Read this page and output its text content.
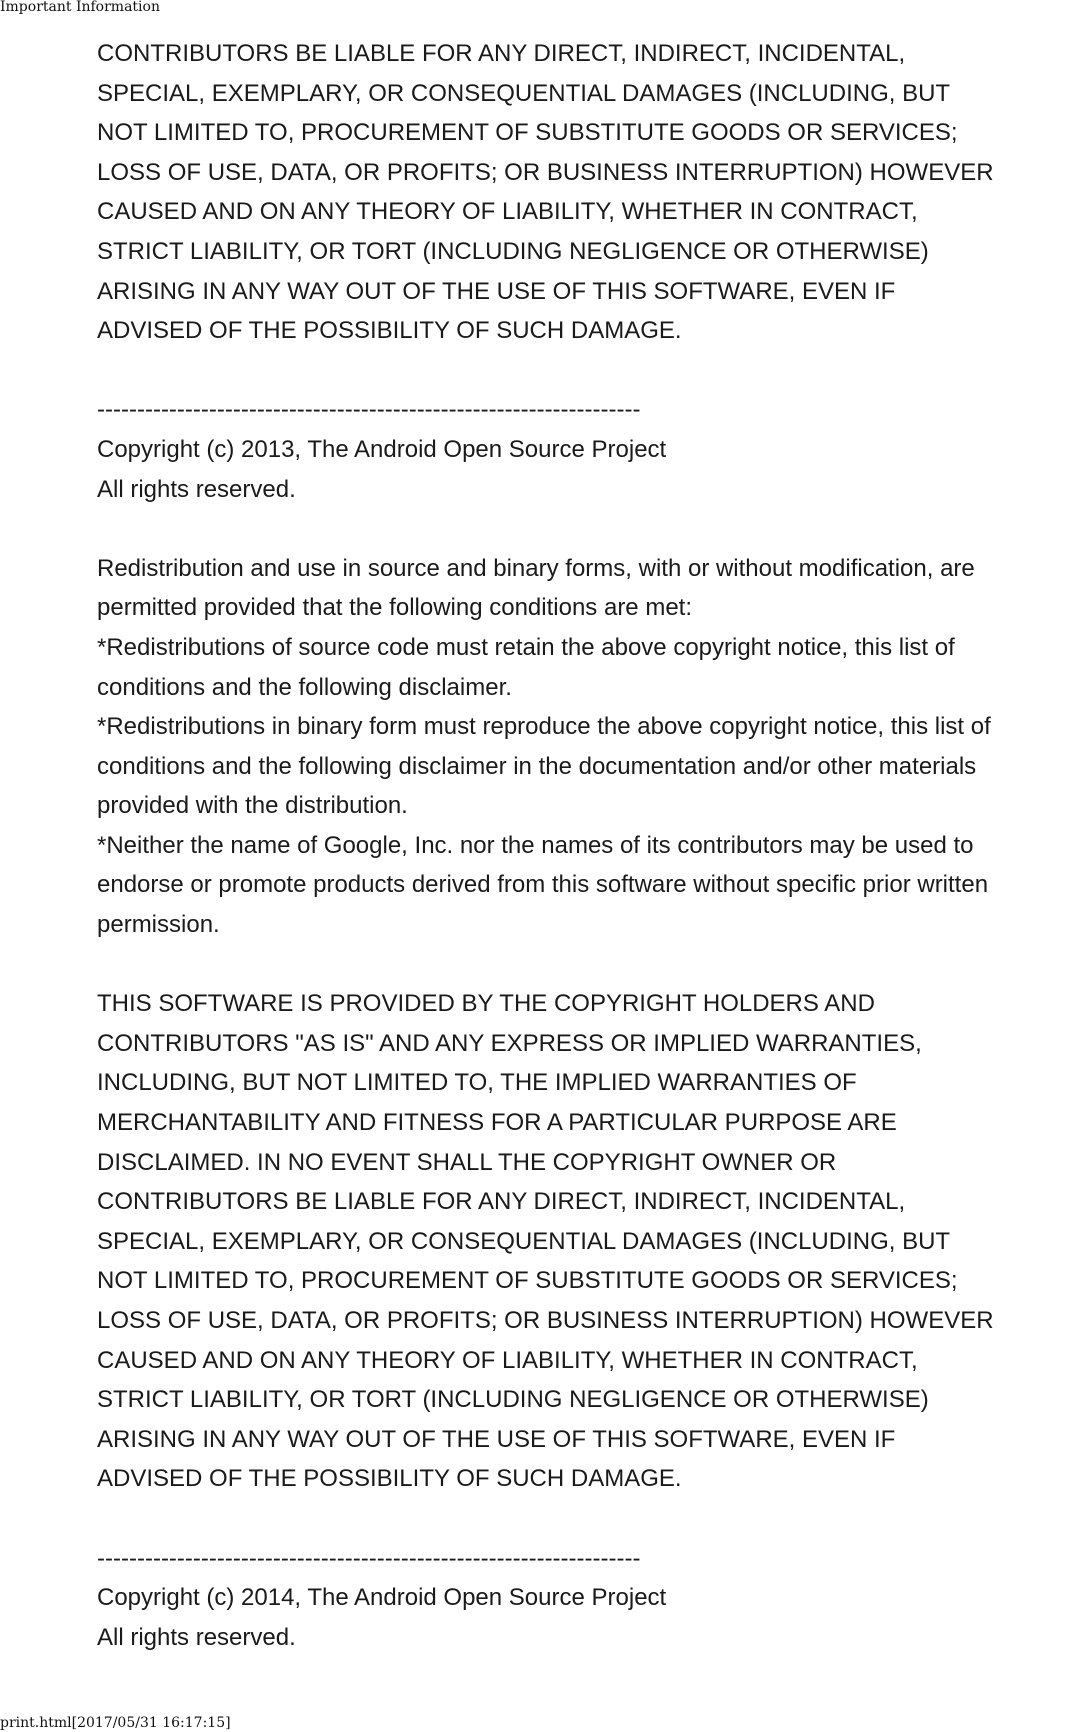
Important Information
CONTRIBUTORS BE LIABLE FOR ANY DIRECT, INDIRECT, INCIDENTAL,
SPECIAL, EXEMPLARY, OR CONSEQUENTIAL DAMAGES (INCLUDING, BUT
NOT LIMITED TO, PROCUREMENT OF SUBSTITUTE GOODS OR SERVICES;
LOSS OF USE, DATA, OR PROFITS; OR BUSINESS INTERRUPTION) HOWEVER
CAUSED AND ON ANY THEORY OF LIABILITY, WHETHER IN CONTRACT,
STRICT LIABILITY, OR TORT (INCLUDING NEGLIGENCE OR OTHERWISE)
ARISING IN ANY WAY OUT OF THE USE OF THIS SOFTWARE, EVEN IF
ADVISED OF THE POSSIBILITY OF SUCH DAMAGE.
--------------------------------------------------------------------
Copyright (c) 2013, The Android Open Source Project
All rights reserved.
Redistribution and use in source and binary forms, with or without modification, are
permitted provided that the following conditions are met:
*Redistributions of source code must retain the above copyright notice, this list of
conditions and the following disclaimer.
*Redistributions in binary form must reproduce the above copyright notice, this list of
conditions and the following disclaimer in the documentation and/or other materials
provided with the distribution.
*Neither the name of Google, Inc. nor the names of its contributors may be used to
endorse or promote products derived from this software without specific prior written
permission.
THIS SOFTWARE IS PROVIDED BY THE COPYRIGHT HOLDERS AND
CONTRIBUTORS "AS IS" AND ANY EXPRESS OR IMPLIED WARRANTIES,
INCLUDING, BUT NOT LIMITED TO, THE IMPLIED WARRANTIES OF
MERCHANTABILITY AND FITNESS FOR A PARTICULAR PURPOSE ARE
DISCLAIMED. IN NO EVENT SHALL THE COPYRIGHT OWNER OR
CONTRIBUTORS BE LIABLE FOR ANY DIRECT, INDIRECT, INCIDENTAL,
SPECIAL, EXEMPLARY, OR CONSEQUENTIAL DAMAGES (INCLUDING, BUT
NOT LIMITED TO, PROCUREMENT OF SUBSTITUTE GOODS OR SERVICES;
LOSS OF USE, DATA, OR PROFITS; OR BUSINESS INTERRUPTION) HOWEVER
CAUSED AND ON ANY THEORY OF LIABILITY, WHETHER IN CONTRACT,
STRICT LIABILITY, OR TORT (INCLUDING NEGLIGENCE OR OTHERWISE)
ARISING IN ANY WAY OUT OF THE USE OF THIS SOFTWARE, EVEN IF
ADVISED OF THE POSSIBILITY OF SUCH DAMAGE.
--------------------------------------------------------------------
Copyright (c) 2014, The Android Open Source Project
All rights reserved.
print.html[2017/05/31 16:17:15]
